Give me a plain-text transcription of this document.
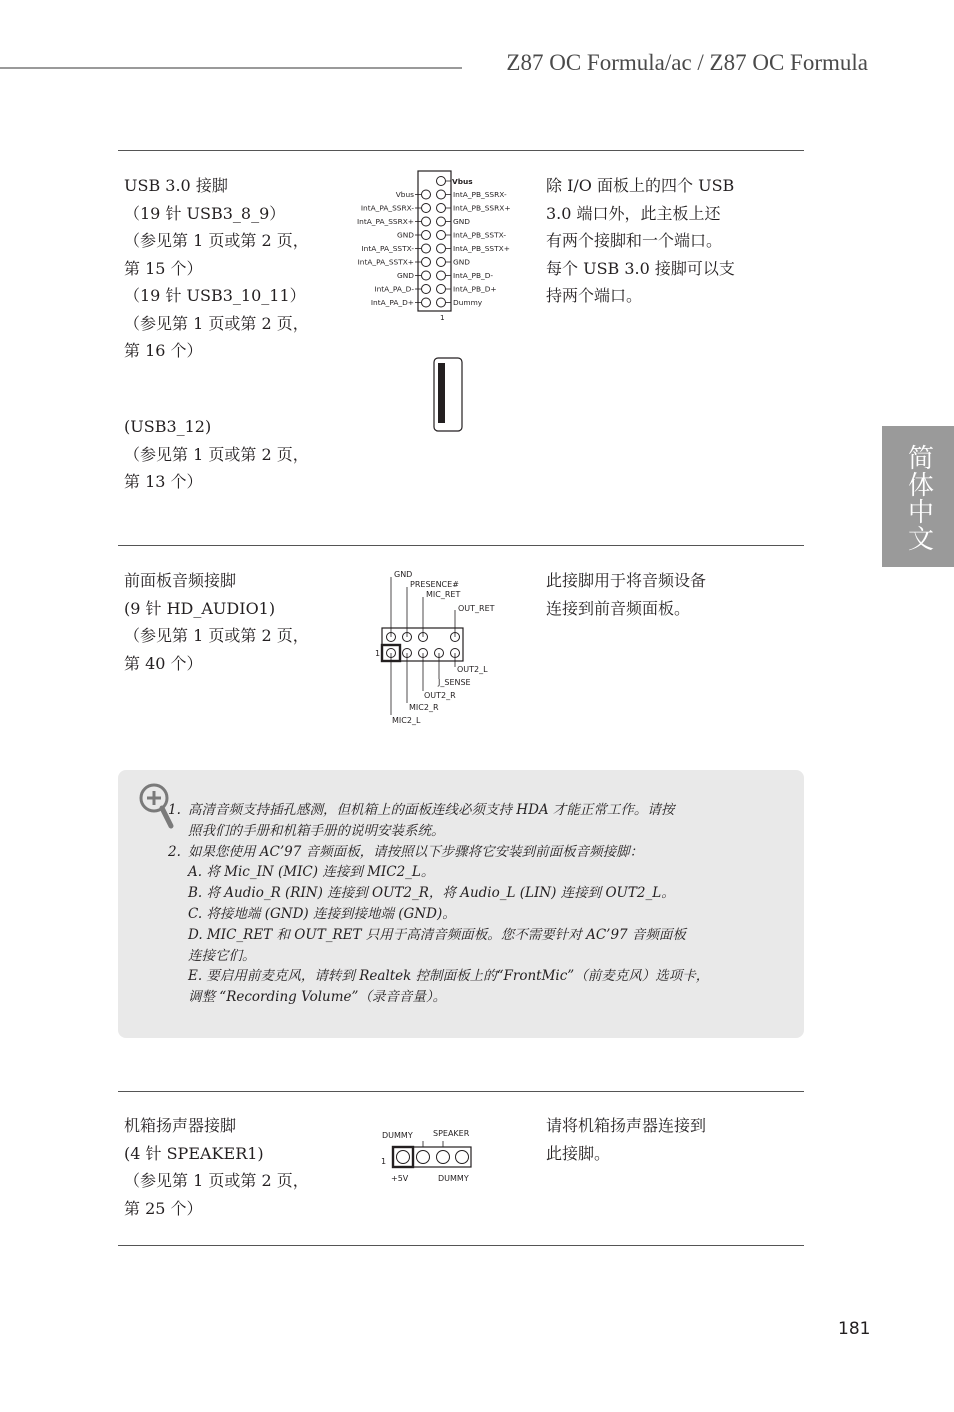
Z87 OC Formula/ac / Z87 OC Formula
简体中文
USB 3.0 接脚
（19 针 USB3_8_9）
（参见第 1 页或第 2 页，
第 15 个）
（19 针 USB3_10_11）
（参见第 1 页或第 2 页，
第 16 个）
(USB3_12)
（参见第 1 页或第 2 页，
第 13 个）
除 I/O 面板上的四个 USB
3.0 端口外，此主板上还
有两个接脚和一个端口。
每个 USB 3.0 接脚可以支
持两个端口。
Vbus
Vbus
IntA_PA_SSRX-
IntA_PA_SSRX+
GND
IntA_PA_SSTX-
IntA_PA_SSTX+
GND
IntA_PA_D-
IntA_PA_D+
IntA_PB_SSRX-
IntA_PB_SSRX+
GND
IntA_PB_SSTX-
IntA_PB_SSTX+
GND
IntA_PB_D-
IntA_PB_D+
Dummy
1
前面板音频接脚
(9 针 HD_AUDIO1)
（参见第 1 页或第 2 页，
第 40 个）
此接脚用于将音频设备
连接到前音频面板。
GND
PRESENCE#
MIC_RET
OUT_RET
OUT2_L
J_SENSE
OUT2_R
MIC2_R
MIC2_L
1
1. 高清音频支持插孔感测，但机箱上的面板连线必须支持 HDA 才能正常工作。请按
照我们的手册和机箱手册的说明安装系统。
2. 如果您使用 AC’97 音频面板，请按照以下步骤将它安装到前面板音频接脚：
A. 将 Mic_IN (MIC) 连接到 MIC2_L。
B. 将 Audio_R (RIN) 连接到 OUT2_R，将 Audio_L (LIN) 连接到 OUT2_L。
C. 将接地端 (GND) 连接到接地端 (GND)。
D. MIC_RET 和 OUT_RET 只用于高清音频面板。您不需要针对 AC’97 音频面板
连接它们。
E. 要启用前麦克风，请转到 Realtek 控制面板上的“FrontMic”（前麦克风）选项卡，
调整 “Recording Volume”（录音音量）。
机箱扬声器接脚
(4 针 SPEAKER1)
（参见第 1 页或第 2 页，
第 25 个）
请将机箱扬声器连接到
此接脚。
DUMMY	SPEAKER
1
+5V	DUMMY
181
